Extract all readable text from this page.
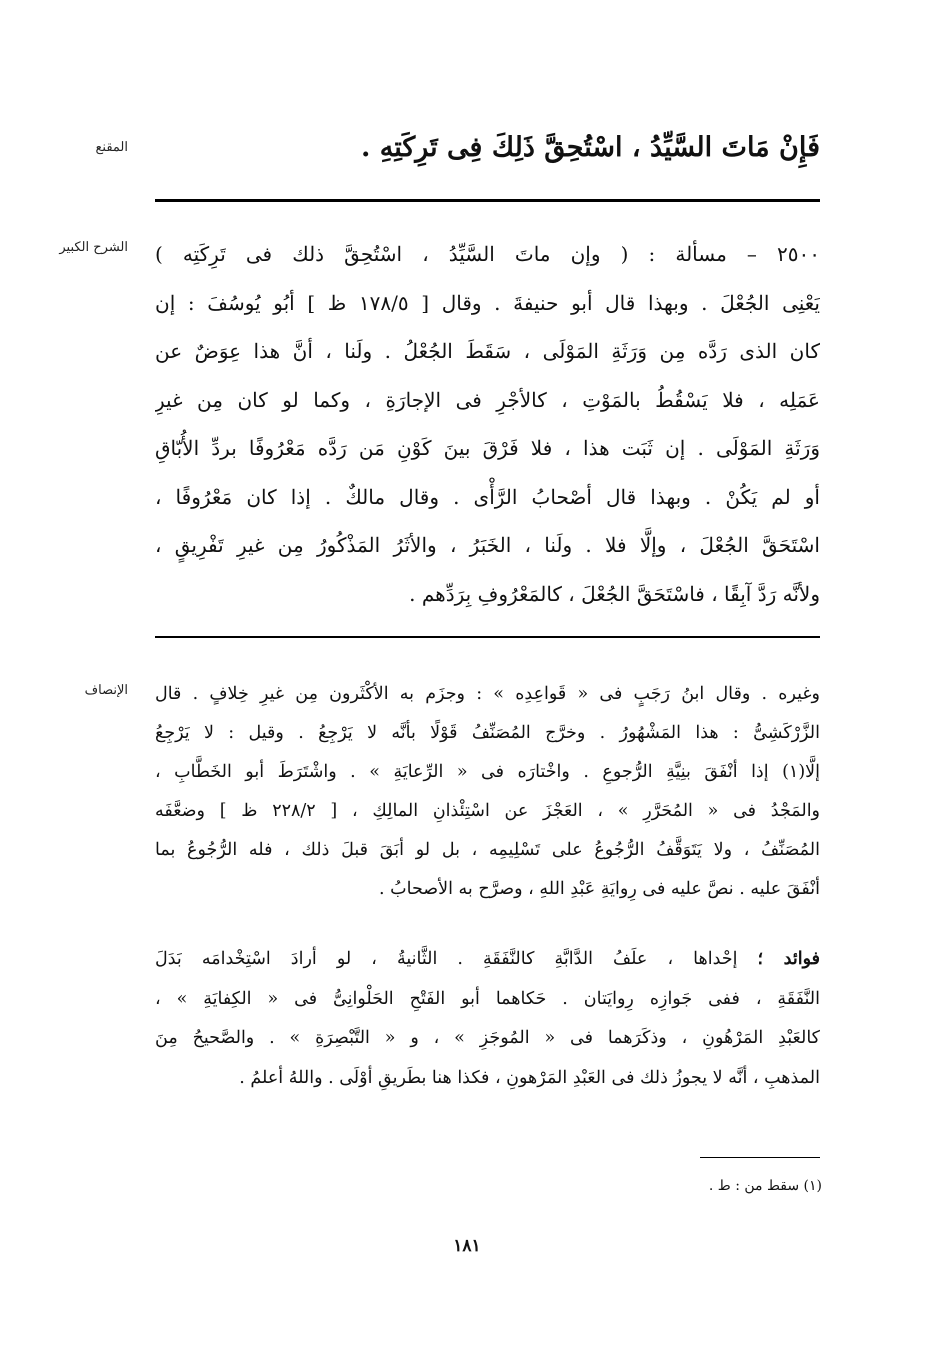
المقنع	فَإِنْ مَاتَ السَّيِّدُ ، اسْتُحِقَّ ذَلِكَ فِى تَرِكَتِهِ .
الشرح الكبير ٢٥٠٠ – مسألة : ( وإن ماتَ السَّيِّدُ ، اسْتُحِقَّ ذلك فى تَرِكَتِه )
يَعْنِى الجُعْلَ . وبهذا قال أبو حنيفةَ . وقال [ ١٧٨/٥ ظ ] أبُو يُوسُفَ : إن
كان الذى رَدَّه مِن وَرَثَةِ المَوْلَى ، سَقَطَ الجُعْلُ . ولَنا ، أنَّ هذا عِوَضٌ عن
عَمَلِه ، فلا يَسْقُطُ بالمَوْتِ ، كالأجْرِ فى الإجارَةِ ، وكما لو كان مِن غيرِ
وَرَثَةِ المَوْلَى . إن ثَبَت هذا ، فلا فَرْقَ بينَ كَوْنِ مَن رَدَّه مَعْرُوفًا بردِّ الأُبّاقِ
أو لم يَكُنْ . وبهذا قال أصْحابُ الرَّأْى . وقال مالكٌ . إذا كان مَعْرُوفًا ،
اسْتَحَقَّ الجُعْلَ ، وإلَّا فلا . ولَنا ، الخَبَرُ ، والأثَرُ المَذْكُورُ مِن غيرِ تَفْرِيقٍ ،
ولأنَّه رَدَّ آبِقًا ، فاسْتَحَقَّ الجُعْلَ ، كالمَعْرُوفِ بِرَدِّهم .
الإنصاف وغيره . وقال ابنُ رَجَبٍ فى « قَواعِدِه » : وجزَم به الأكْثَرون مِن غيرِ خِلافٍ . قال
الزَّرْكَشِىُّ : هذا المَشْهُورُ . وخرَّج المُصَنِّفُ قَوْلًا بأنَّه لا يَرْجِعُ . وقيل : لا يَرْجِعُ
إلَّا(١) إذا أنْفَقَ بنِيَّةِ الرُّجوعِ . واخْتارَه فى « الرِّعايَةِ » . واشْتَرَطَ أبو الخَطَّابِ ،
والمَجْدُ فى « المُحَرَّرِ » ، العَجْزَ عن اسْتِئْذانِ المالِكِ ، [ ٢٢٨/٢ ظ ] وضعَّفَه
المُصَنِّفُ ، ولا يَتَوَقَّفُ الرُّجُوعُ على تَسْلِيمِه ، بل لو أبَقَ قبلَ ذلك ، فله الرُّجُوعُ بما
أنْفَقَ عليه . نصَّ عليه فى رِوايَةِ عَبْدِ اللهِ ، وصرَّح به الأصحابُ .
فوائد ؛ إحْداها ، علَفُ الدَّابَّةِ كالنَّفَقَةِ . الثَّانيةُ ، لو أرادَ اسْتِخْدامَه بَدَلَ
النَّفَقَةِ ، ففى جَوازِه رِوايَتان . حَكاهما أبو الفَتْحِ الحَلْوانِىُّ فى « الكِفايَةِ » ،
كالعَبْدِ المَرْهُونِ ، وذكَرَهما فى « المُوجَزِ » ، و « التَّبْصِرَةِ » . والصَّحيحُ مِنَ
المذهبِ ، أنَّه لا يجوزُ ذلك فى العَبْدِ المَرْهونِ ، فكذا هنا بطَريقِ أوْلَى . واللهُ أعلمُ .
(١) سقط من : ط .
١٨١
